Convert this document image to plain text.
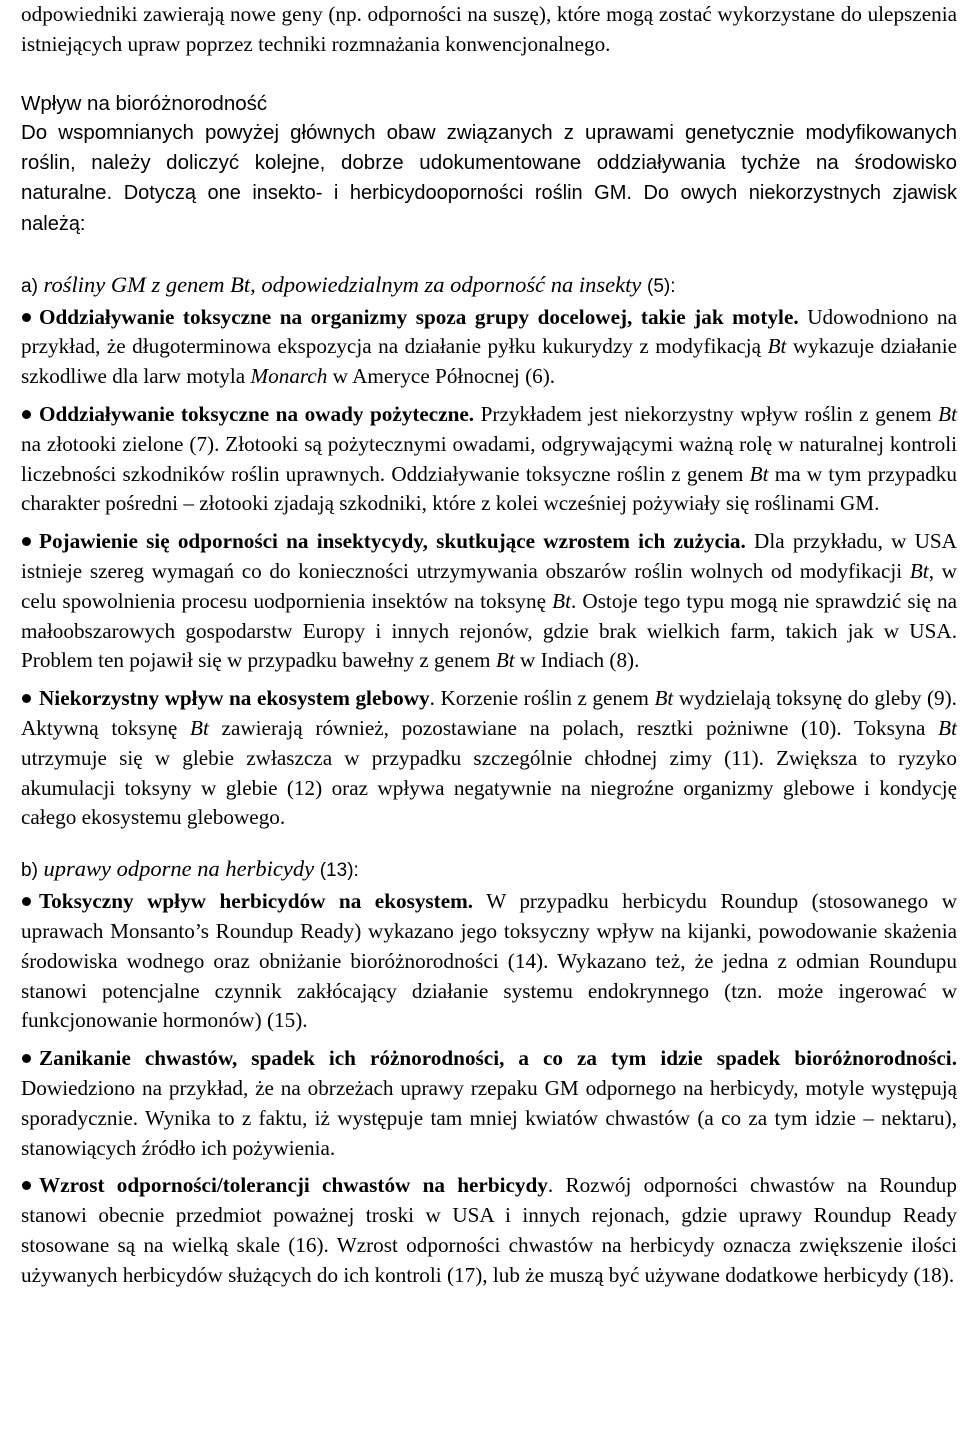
odpowiedniki zawierają nowe geny (np. odporności na suszę), które mogą zostać wykorzystane do ulepszenia istniejących upraw poprzez techniki rozmnażania konwencjonalnego.

Wpływ na bioróżnorodność

Do wspomnianych powyżej głównych obaw związanych z uprawami genetycznie modyfikowanych roślin, należy doliczyć kolejne, dobrze udokumentowane oddziaływania tychże na środowisko naturalne. Dotyczą one insekto- i herbicydooporności roślin GM. Do owych niekorzystnych zjawisk należą:

a) rośliny GM z genem Bt, odpowiedzialnym za odporność na insekty (5):

Oddziaływanie toksyczne na organizmy spoza grupy docelowej, takie jak motyle. Udowodniono na przykład, że długoterminowa ekspozycja na działanie pyłku kukurydzy z modyfikacją Bt wykazuje działanie szkodliwe dla larw motyla Monarch w Ameryce Północnej (6).
Oddziaływanie toksyczne na owady pożyteczne. Przykładem jest niekorzystny wpływ roślin z genem Bt na złotooki zielone (7). Złotooki są pożytecznymi owadami, odgrywającymi ważną rolę w naturalnej kontroli liczebności szkodników roślin uprawnych. Oddziaływanie toksyczne roślin z genem Bt ma w tym przypadku charakter pośredni – złotooki zjadają szkodniki, które z kolei wcześniej pożywiały się roślinami GM.
Pojawienie się odporności na insektycydy, skutkujące wzrostem ich zużycia. Dla przykładu, w USA istnieje szereg wymagań co do konieczności utrzymywania obszarów roślin wolnych od modyfikacji Bt, w celu spowolnienia procesu uodpornienia insektów na toksynę Bt. Ostoje tego typu mogą nie sprawdzić się na małoobszarowych gospodarstw Europy i innych rejonów, gdzie brak wielkich farm, takich jak w USA. Problem ten pojawił się w przypadku bawełny z genem Bt w Indiach (8).
Niekorzystny wpływ na ekosystem glebowy. Korzenie roślin z genem Bt wydzielają toksynę do gleby (9). Aktywną toksynę Bt zawierają również, pozostawiane na polach, resztki pożniwne (10). Toksyna Bt utrzymuje się w glebie zwłaszcza w przypadku szczególnie chłodnej zimy (11). Zwiększa to ryzyko akumulacji toksyny w glebie (12) oraz wpływa negatywnie na niegroźne organizmy glebowe i kondycję całego ekosystemu glebowego.

b) uprawy odporne na herbicydy (13):

Toksyczny wpływ herbicydów na ekosystem. W przypadku herbicydu Roundup (stosowanego w uprawach Monsanto’s Roundup Ready) wykazano jego toksyczny wpływ na kijanki, powodowanie skażenia środowiska wodnego oraz obniżanie bioróżnorodności (14). Wykazano też, że jedna z odmian Roundupu stanowi potencjalne czynnik zakłócający działanie systemu endokrynnego (tzn. może ingerować w funkcjonowanie hormonów) (15).
Zanikanie chwastów, spadek ich różnorodności, a co za tym idzie spadek bioróżnorodności. Dowiedziono na przykład, że na obrzeżach uprawy rzepaku GM odpornego na herbicydy, motyle występują sporadycznie. Wynika to z faktu, iż występuje tam mniej kwiatów chwastów (a co za tym idzie – nektaru), stanowiących źródło ich pożywienia.
Wzrost odporności/tolerancji chwastów na herbicydy. Rozwój odporności chwastów na Roundup stanowi obecnie przedmiot poważnej troski w USA i innych rejonach, gdzie uprawy Roundup Ready stosowane są na wielką skale (16). Wzrost odporności chwastów na herbicydy oznacza zwiększenie ilości używanych herbicydów służących do ich kontroli (17), lub że muszą być używane dodatkowe herbicydy (18).
